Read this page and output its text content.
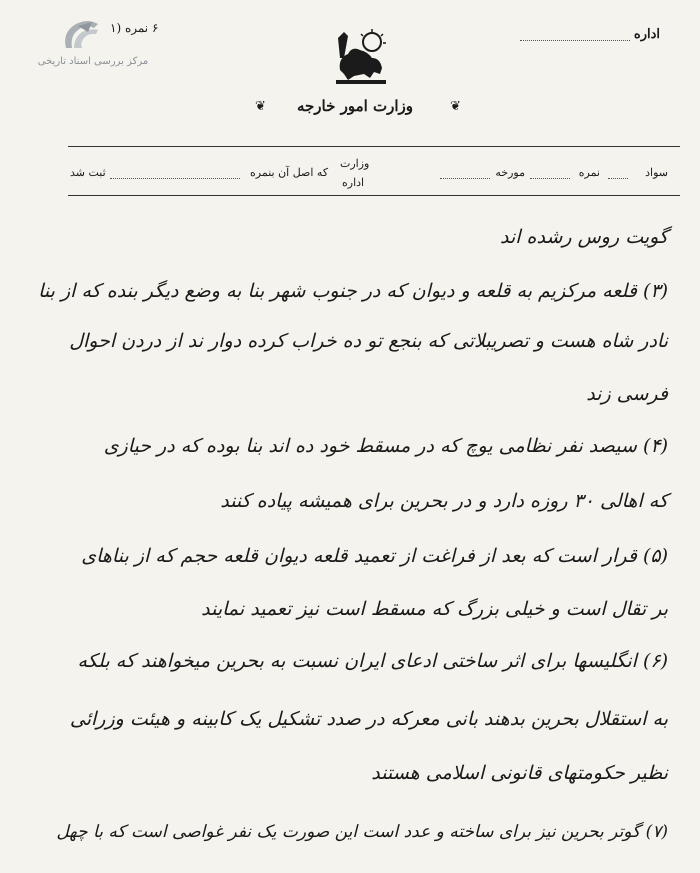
مرکز بررسی اسناد تاریخی
۶ نمره (۱	اداره
❦	وزارت امور خارجه	❦
سواد
نمره
مورخه
وزارت
اداره
که اصل آن بنمره
ثبت شد
گویت روس رشده اند
(۳) قلعه مرکزیم به قلعه و دیوان که در جنوب شهر بنا به وضع دیگر بنده که از بنا
نادر شاه هست و تصریبلاتی که بنجع تو ده خراب کرده دوار ند از دردن احوال
فرسی زند
(۴) سیصد نفر نظامی یوچ که در مسقط خود ده اند بنا بوده که در حیازی
که اهالی ۳۰ روزه دارد و در بحرین برای همیشه پیاده کنند
(۵) قرار است که بعد از فراغت از تعمید قلعه دیوان قلعه حجم که از بناهای
بر تقال است و خیلی بزرگ که مسقط است نیز تعمید نمایند
(۶) انگلیسها برای اثر ساختی ادعای ایران نسبت به بحرین میخواهند که بلکه
به استقلال بحرین بدهند بانی معرکه در صدد تشکیل یک کابینه و هیئت وزرائی
نظیر حکومتهای قانونی اسلامی هستند
(۷) گوتر بحرین نیز برای ساخته و عدد است این صورت یک نفر غواصی است که با چهل
